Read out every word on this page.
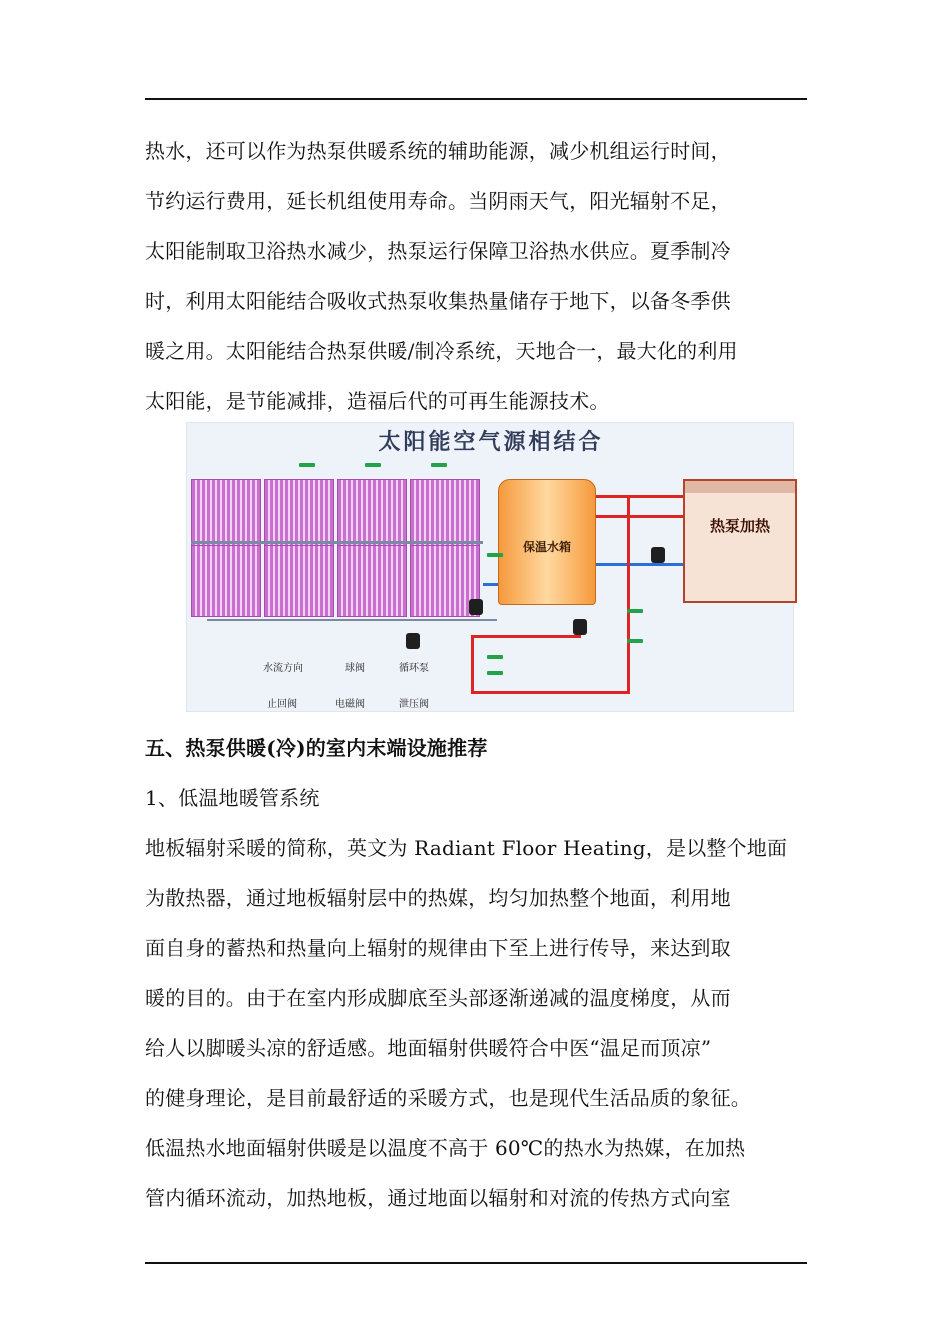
热水，还可以作为热泵供暖系统的辅助能源，减少机组运行时间，
节约运行费用，延长机组使用寿命。当阴雨天气，阳光辐射不足，
太阳能制取卫浴热水减少，热泵运行保障卫浴热水供应。夏季制冷
时，利用太阳能结合吸收式热泵收集热量储存于地下，以备冬季供
暖之用。太阳能结合热泵供暖/制冷系统，天地合一，最大化的利用
太阳能，是节能减排，造福后代的可再生能源技术。
太阳能空气源相结合
保温水箱
热泵加热
水流方向	球阀	循环泵
止回阀	电磁阀	泄压阀
五、热泵供暖(冷)的室内末端设施推荐
1、低温地暖管系统
地板辐射采暖的简称，英文为 Radiant Floor Heating，是以整个地面
为散热器，通过地板辐射层中的热媒，均匀加热整个地面，利用地
面自身的蓄热和热量向上辐射的规律由下至上进行传导，来达到取
暖的目的。由于在室内形成脚底至头部逐渐递减的温度梯度，从而
给人以脚暖头凉的舒适感。地面辐射供暖符合中医“温足而顶凉”
的健身理论，是目前最舒适的采暖方式，也是现代生活品质的象征。
低温热水地面辐射供暖是以温度不高于 60℃的热水为热媒，在加热
管内循环流动，加热地板，通过地面以辐射和对流的传热方式向室
